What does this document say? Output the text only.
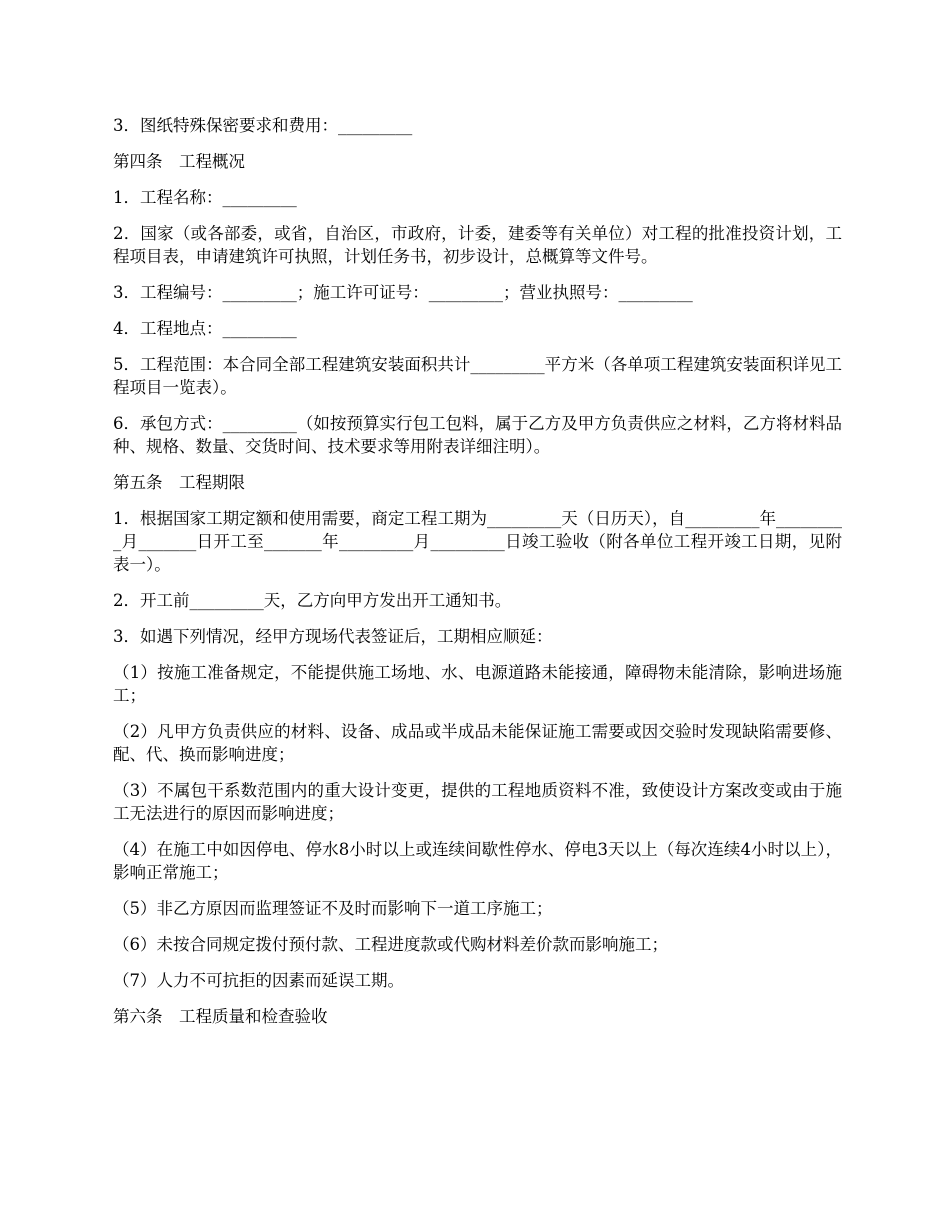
3．图纸特殊保密要求和费用：_________

第四条　工程概况

1．工程名称：_________

2．国家（或各部委，或省，自治区，市政府，计委，建委等有关单位）对工程的批准投资计划，工程项目表，申请建筑许可执照，计划任务书，初步设计，总概算等文件号。

3．工程编号：_________；施工许可证号：_________；营业执照号：_________

4．工程地点：_________

5．工程范围：本合同全部工程建筑安装面积共计_________平方米（各单项工程建筑安装面积详见工程项目一览表）。

6．承包方式：_________（如按预算实行包工包料，属于乙方及甲方负责供应之材料，乙方将材料品种、规格、数量、交货时间、技术要求等用附表详细注明）。

第五条　工程期限

1．根据国家工期定额和使用需要，商定工程工期为_________天（日历天），自_________年_________月_______日开工至_______年_________月_________日竣工验收（附各单位工程开竣工日期，见附表一）。

2．开工前_________天，乙方向甲方发出开工通知书。

3．如遇下列情况，经甲方现场代表签证后，工期相应顺延：

（1）按施工准备规定，不能提供施工场地、水、电源道路未能接通，障碍物未能清除，影响进场施工；

（2）凡甲方负责供应的材料、设备、成品或半成品未能保证施工需要或因交验时发现缺陷需要修、配、代、换而影响进度；

（3）不属包干系数范围内的重大设计变更，提供的工程地质资料不准，致使设计方案改变或由于施工无法进行的原因而影响进度；

（4）在施工中如因停电、停水8小时以上或连续间歇性停水、停电3天以上（每次连续4小时以上），影响正常施工；

（5）非乙方原因而监理签证不及时而影响下一道工序施工；

（6）未按合同规定拨付预付款、工程进度款或代购材料差价款而影响施工；

（7）人力不可抗拒的因素而延误工期。

第六条　工程质量和检查验收
